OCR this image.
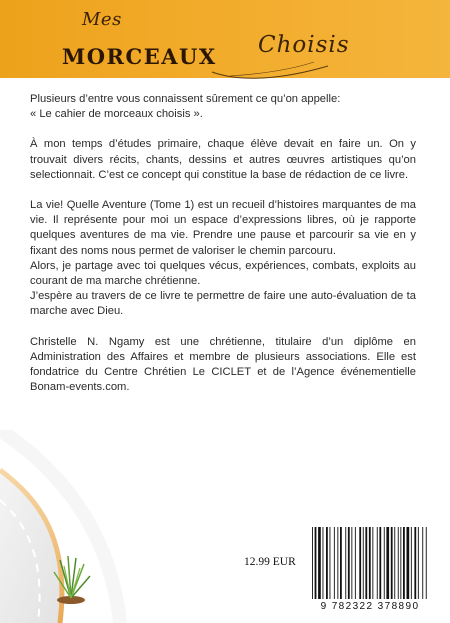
Mes
MORCEAUX Choisis

Plusieurs d’entre vous connaissent sûrement ce qu’on appelle:

« Le cahier de morceaux choisis ».

À mon temps d’études primaire, chaque élève devait en faire un. On y trouvait divers récits, chants, dessins et autres œuvres artistiques qu’on selectionnait. C’est ce concept qui constitue la base de rédaction de ce livre.

La vie! Quelle Aventure (Tome 1) est un recueil d’histoires marquantes de ma vie. Il représente pour moi un espace d’expressions libres, où je rapporte quelques aventures de ma vie. Prendre une pause et parcourir sa vie en y fixant des noms nous permet de valoriser le chemin parcouru.

Alors, je partage avec toi quelques vécus, expériences, combats, exploits au courant de ma marche chrétienne.

J’espère au travers de ce livre te permettre de faire une auto-évaluation de ta marche avec Dieu.

Christelle N. Ngamy est une chrétienne, titulaire d’un diplôme en Administration des Affaires et membre de plusieurs associations. Elle est fondatrice du Centre Chrétien Le CICLET et de l’Agence événementielle Bonam-events.com.

12.99 EUR
9 782322 378890
